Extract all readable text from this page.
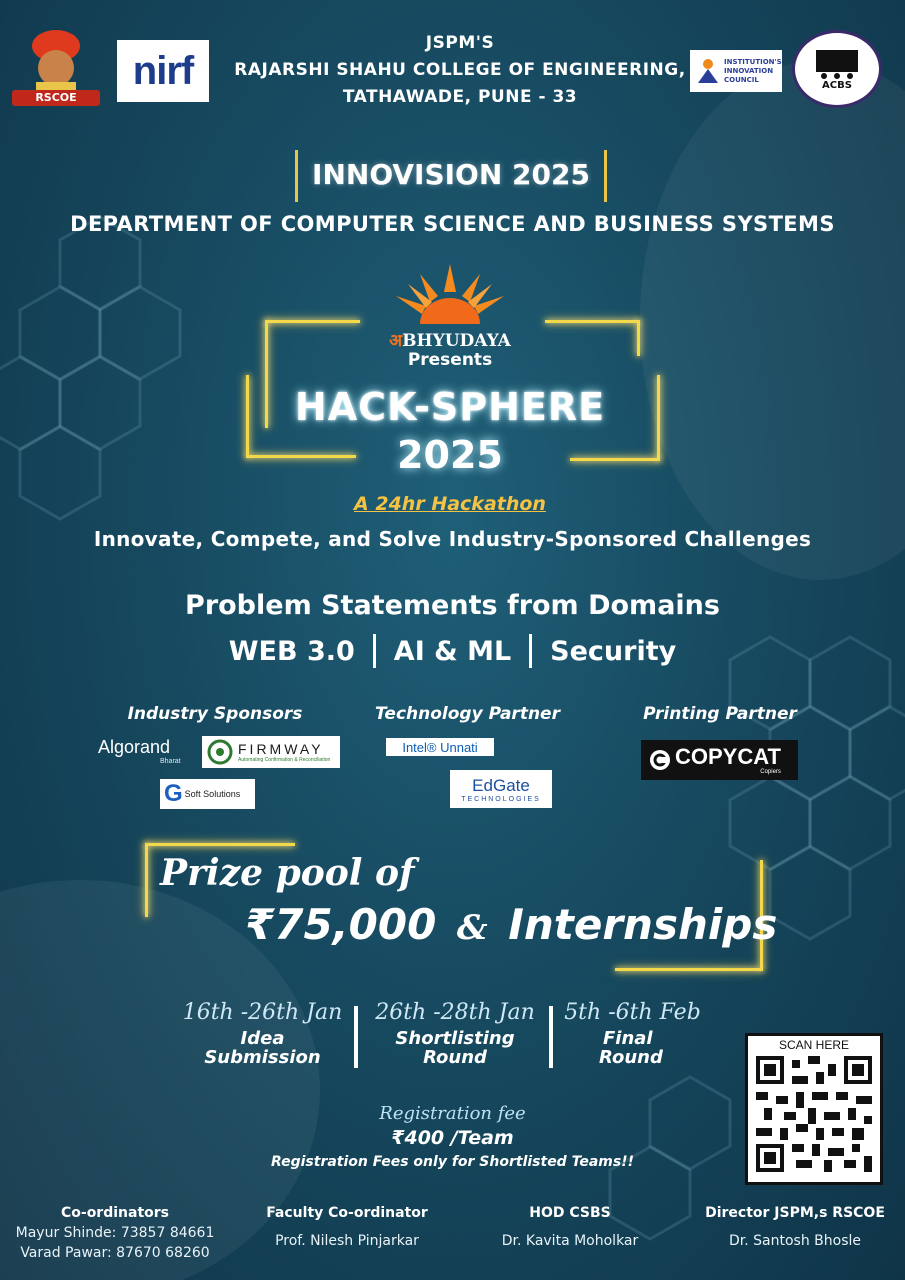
RSCOE
nirf
JSPM'S
RAJARSHI SHAHU COLLEGE OF ENGINEERING,
TATHAWADE, PUNE - 33
INSTITUTION'S INNOVATION COUNCIL	ACBS
INNOVISION 2025
DEPARTMENT OF COMPUTER SCIENCE AND BUSINESS SYSTEMS
अBHYUDAYA
Presents
HACK-SPHERE
2025
A 24hr Hackathon
Innovate, Compete, and Solve Industry-Sponsored Challenges
Problem Statements from Domains
WEB 3.0 AI & ML Security
Industry Sponsors	Technology Partner	Printing Partner
Algorand
Bharat
FIRMWAY
Automating Confirmation & Reconciliation
G Soft Solutions
Intel® Unnati
EdGate
TECHNOLOGIES
COPYCAT
Copiers
Prize pool of
₹75,000 & Internships
16th -26th Jan
Idea
Submission
26th -28th Jan
Shortlisting
Round
5th -6th Feb
Final
Round
Registration fee
₹400 /Team
Registration Fees only for Shortlisted Teams!!
SCAN HERE
Co-ordinators
Mayur Shinde: 73857 84661
Varad Pawar: 87670 68260
Faculty Co-ordinator
Prof. Nilesh Pinjarkar
HOD CSBS
Dr. Kavita Moholkar
Director JSPM,s RSCOE
Dr. Santosh Bhosle
